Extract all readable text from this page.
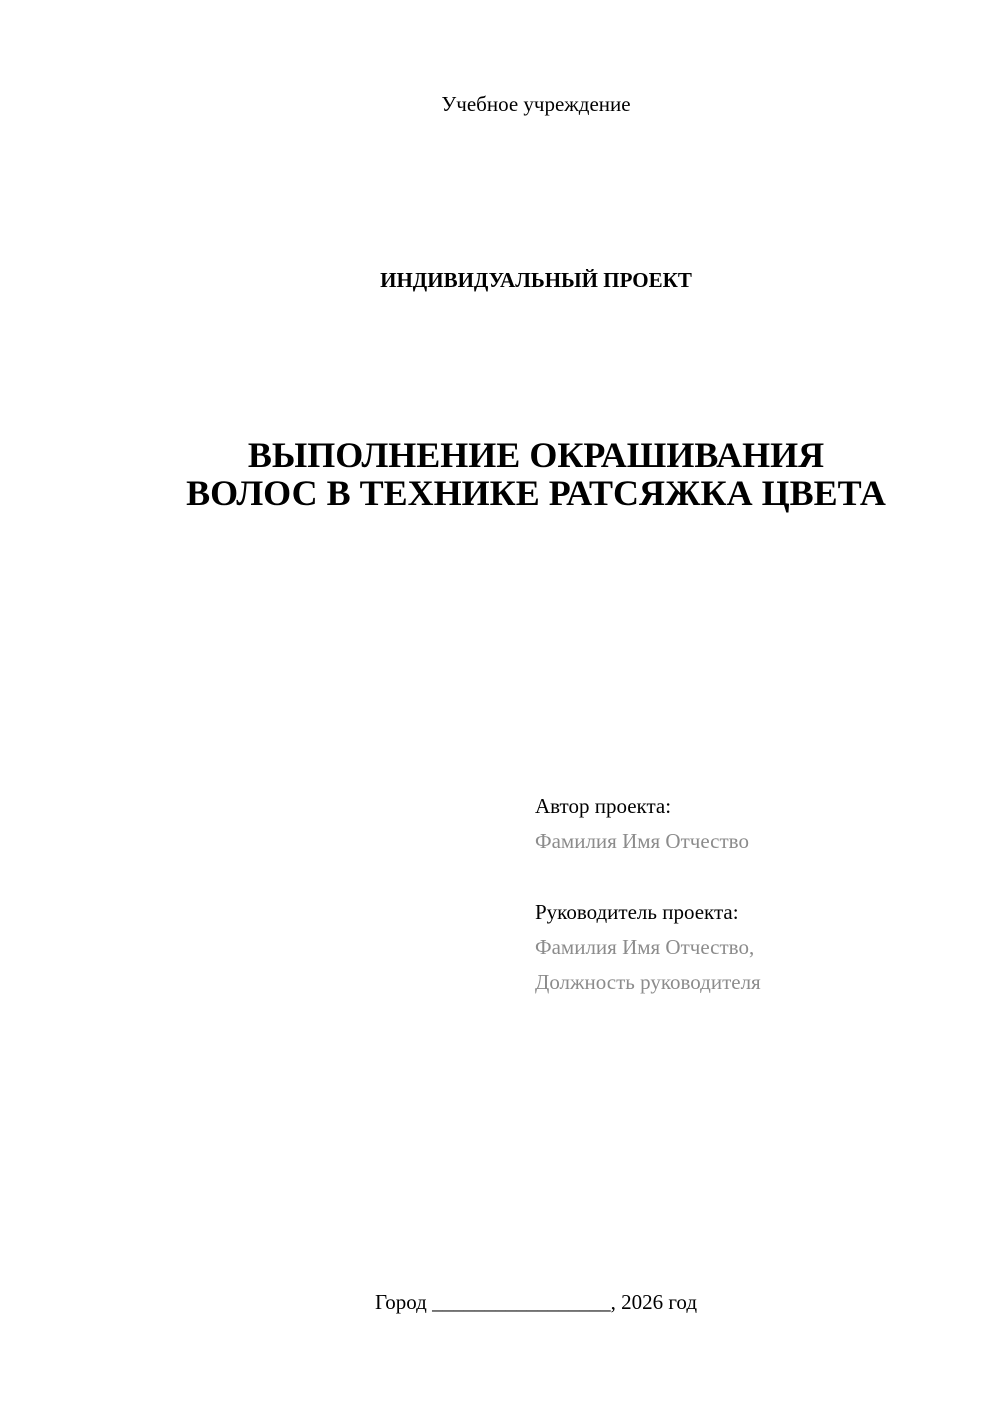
Учебное учреждение
ИНДИВИДУАЛЬНЫЙ ПРОЕКТ
ВЫПОЛНЕНИЕ ОКРАШИВАНИЯ
ВОЛОС В ТЕХНИКЕ РАТСЯЖКА ЦВЕТА
Автор проекта:
Фамилия Имя Отчество
Руководитель проекта:
Фамилия Имя Отчество,
Должность руководителя
Город _________________, 2026 год
